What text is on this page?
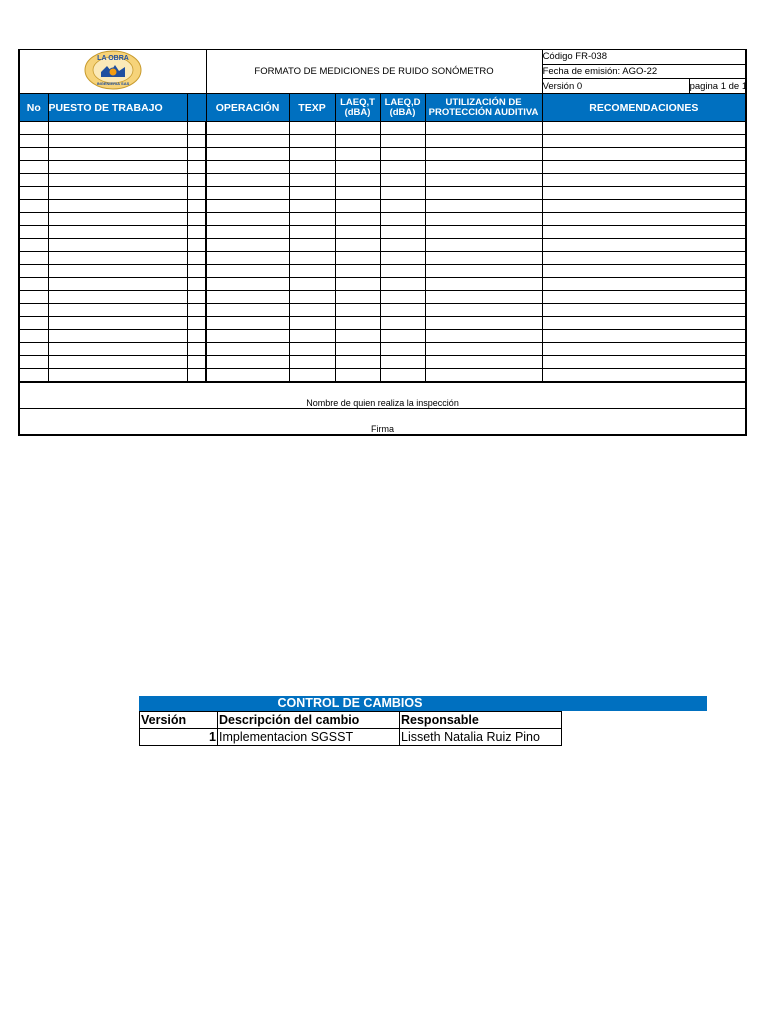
LA OBRA
INGENIERIA SAS			FORMATO DE MEDICIONES DE RUIDO SONÓMETRO					Código FR-038	
								Fecha de emisión: AGO-22	
								Versión 0	pagina 1 de 1
No	PUESTO DE TRABAJO		OPERACIÓN	TEXP	LAEQ,T (dBA)	LAEQ,D (dBA)	UTILIZACIÓN DE PROTECCIÓN AUDITIVA	RECOMENDACIONES	

Nombre de quien realiza la inspección									
Firma									
CONTROL DE CAMBIOS
Versión	Descripción del cambio	Responsable
1	Implementacion SGSST	Lisseth Natalia Ruiz Pino
